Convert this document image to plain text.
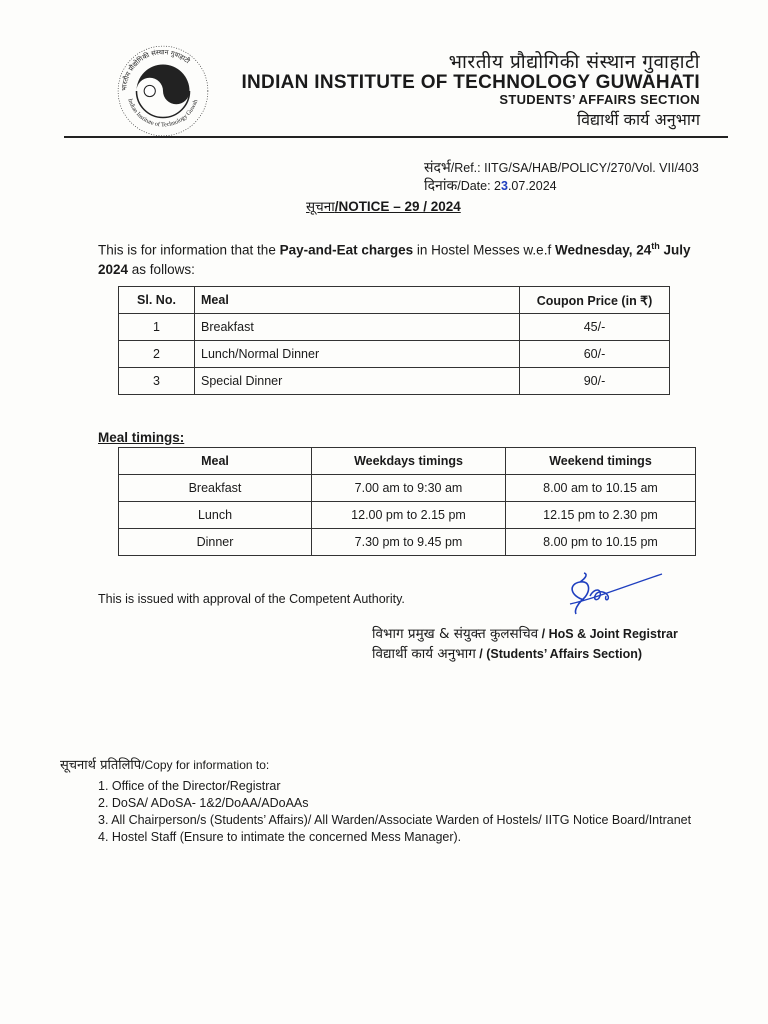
भारतीय प्रौद्योगिकी संस्थान गुवाहाटी
Indian Institute of Technology Guwah
भारतीय प्रौद्योगिकी संस्थान गुवाहाटी
INDIAN INSTITUTE OF TECHNOLOGY GUWAHATI
STUDENTS’ AFFAIRS SECTION
विद्यार्थी कार्य अनुभाग
संदर्भ/Ref.: IITG/SA/HAB/POLICY/270/Vol. VII/403
दिनांक/Date: 23.07.2024
सूचना/NOTICE – 29 / 2024
This is for information that the Pay-and-Eat charges in Hostel Messes w.e.f Wednesday, 24th July 2024 as follows:
Sl. No.	Meal	Coupon Price (in ₹)
1	Breakfast	45/-
2	Lunch/Normal Dinner	60/-
3	Special Dinner	90/-
Meal timings:
Meal	Weekdays timings	Weekend timings
Breakfast	7.00 am to 9:30 am	8.00 am to 10.15 am
Lunch	12.00 pm to 2.15 pm	12.15 pm to 2.30 pm
Dinner	7.30 pm to 9.45 pm	8.00 pm to 10.15 pm
This is issued with approval of the Competent Authority.
विभाग प्रमुख & संयुक्त कुलसचिव / HoS & Joint Registrar
विद्यार्थी कार्य अनुभाग / (Students’ Affairs Section)
सूचनार्थ प्रतिलिपि/Copy for information to:
1. Office of the Director/Registrar
2. DoSA/ ADoSA- 1&2/DoAA/ADoAAs
3. All Chairperson/s (Students’ Affairs)/ All Warden/Associate Warden of Hostels/ IITG Notice Board/Intranet
4. Hostel Staff (Ensure to intimate the concerned Mess Manager).
